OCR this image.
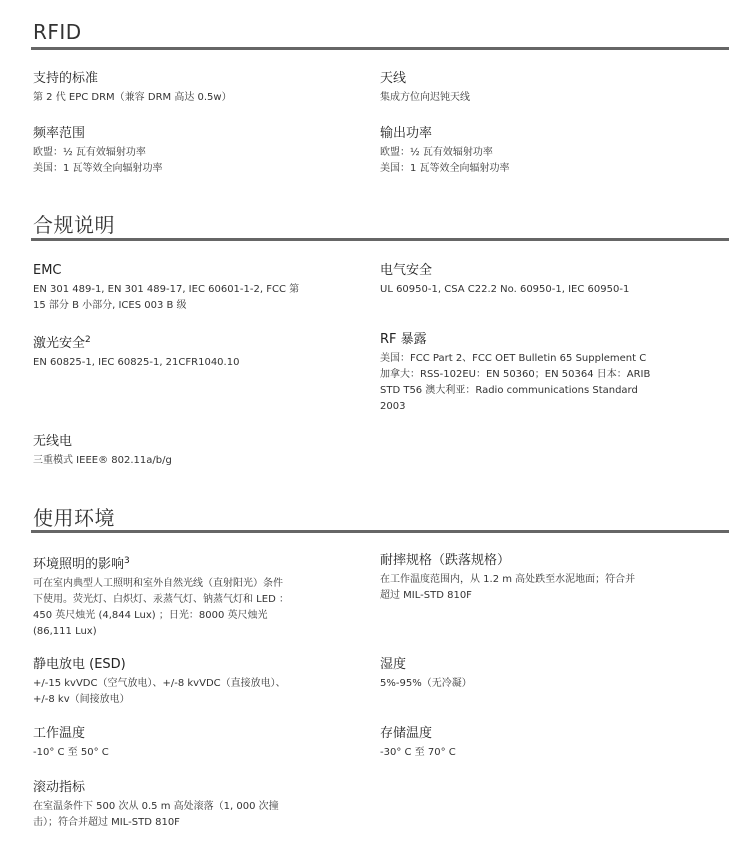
RFID
支持的标准
第 2 代 EPC DRM（兼容 DRM 高达 0.5w）
天线
集成方位向迟钝天线
频率范围
欧盟：½ 瓦有效辐射功率
美国：1 瓦等效全向辐射功率
输出功率
欧盟：½ 瓦有效辐射功率
美国：1 瓦等效全向辐射功率
合规说明
EMC
EN 301 489-1, EN 301 489-17, IEC 60601-1-2, FCC 第
15 部分 B 小部分, ICES 003 B 级
电气安全
UL 60950-1, CSA C22.2 No. 60950-1, IEC 60950-1
激光安全$^2$
EN 60825-1, IEC 60825-1, 21CFR1040.10
RF 暴露
美国：FCC Part 2、FCC OET Bulletin 65 Supplement C
加拿大：RSS-102EU：EN 50360；EN 50364 日本：ARIB
STD T56 澳大利亚：Radio communications Standard
2003
无线电
三重模式 IEEE® 802.11a/b/g
使用环境
环境照明的影响$^3$
可在室内典型人工照明和室外自然光线（直射阳光）条件
下使用。荧光灯、白炽灯、汞蒸气灯、钠蒸气灯和 LED ：
450 英尺烛光 (4,844 Lux) ；日光：8000 英尺烛光
(86,111 Lux)
耐摔规格（跌落规格）
在工作温度范围内，从 1.2 m 高处跌至水泥地面；符合并
超过 MIL-STD 810F
静电放电 (ESD)
+/-15 kvVDC（空气放电）、+/-8 kvVDC（直接放电）、
+/-8 kv（间接放电）
湿度
5%-95%（无冷凝）
工作温度
-10° C 至 50° C
存储温度
-30° C 至 70° C
滚动指标
在室温条件下 500 次从 0.5 m 高处滚落（1, 000 次撞
击）；符合并超过 MIL-STD 810F
